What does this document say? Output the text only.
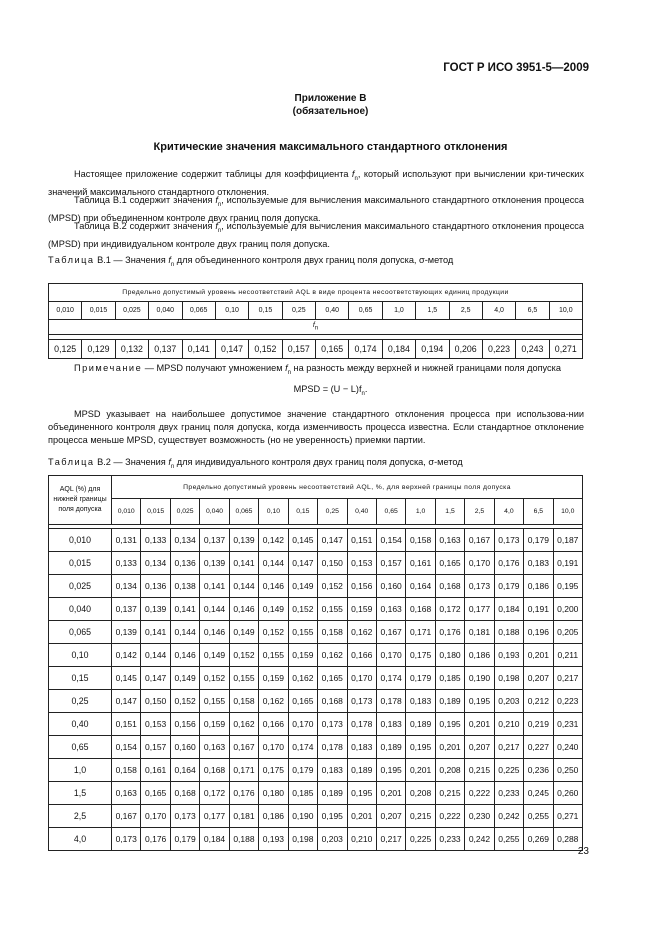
ГОСТ Р ИСО 3951-5—2009
Приложение В
(обязательное)
Критические значения максимального стандартного отклонения
Настоящее приложение содержит таблицы для коэффициента $f_n$, который используют при вычислении кри-тических значений максимального стандартного отклонения.
Таблица В.1 содержит значения $f_n$, используемые для вычисления максимального стандартного отклонения процесса (MPSD) при объединенном контроле двух границ поля допуска.
Таблица В.2 содержит значения $f_n$, используемые для вычисления максимального стандартного отклонения процесса (MPSD) при индивидуальном контроле двух границ поля допуска.
Таблица В.1 — Значения $f_n$ для объединенного контроля двух границ поля допуска, σ-метод
Предельно допустимый уровень несоответствий AQL в виде процента несоответствующих единиц продукции															
0,010	0,015	0,025	0,040	0,065	0,10	0,15	0,25	0,40	0,65	1,0	1,5	2,5	4,0	6,5	10,0
fn															

0,125	0,129	0,132	0,137	0,141	0,147	0,152	0,157	0,165	0,174	0,184	0,194	0,206	0,223	0,243	0,271
Примечание — MPSD получают умножением $f_n$ на разность между верхней и нижней границами поля допуска
MPSD = $(U - L)f_n$.
MPSD указывает на наибольшее допустимое значение стандартного отклонения процесса при использова-нии объединенного контроля двух границ поля допуска, когда изменчивость процесса известна. Если стандартное отклонение процесса меньше MPSD, существует возможность (но не уверенность) приемки партии.
Таблица В.2 — Значения $f_n$ для индивидуального контроля двух границ поля допуска, σ-метод
AQL (%) для нижней границы поля допуска	Предельно допустимый уровень несоответствий AQL, %, для верхней границы поля допуска															
	0,010	0,015	0,025	0,040	0,065	0,10	0,15	0,25	0,40	0,65	1,0	1,5	2,5	4,0	6,5	10,0

0,010	0,131	0,133	0,134	0,137	0,139	0,142	0,145	0,147	0,151	0,154	0,158	0,163	0,167	0,173	0,179	0,187
0,015	0,133	0,134	0,136	0,139	0,141	0,144	0,147	0,150	0,153	0,157	0,161	0,165	0,170	0,176	0,183	0,191
0,025	0,134	0,136	0,138	0,141	0,144	0,146	0,149	0,152	0,156	0,160	0,164	0,168	0,173	0,179	0,186	0,195
0,040	0,137	0,139	0,141	0,144	0,146	0,149	0,152	0,155	0,159	0,163	0,168	0,172	0,177	0,184	0,191	0,200
0,065	0,139	0,141	0,144	0,146	0,149	0,152	0,155	0,158	0,162	0,167	0,171	0,176	0,181	0,188	0,196	0,205
0,10	0,142	0,144	0,146	0,149	0,152	0,155	0,159	0,162	0,166	0,170	0,175	0,180	0,186	0,193	0,201	0,211
0,15	0,145	0,147	0,149	0,152	0,155	0,159	0,162	0,165	0,170	0,174	0,179	0,185	0,190	0,198	0,207	0,217
0,25	0,147	0,150	0,152	0,155	0,158	0,162	0,165	0,168	0,173	0,178	0,183	0,189	0,195	0,203	0,212	0,223
0,40	0,151	0,153	0,156	0,159	0,162	0,166	0,170	0,173	0,178	0,183	0,189	0,195	0,201	0,210	0,219	0,231
0,65	0,154	0,157	0,160	0,163	0,167	0,170	0,174	0,178	0,183	0,189	0,195	0,201	0,207	0,217	0,227	0,240
1,0	0,158	0,161	0,164	0,168	0,171	0,175	0,179	0,183	0,189	0,195	0,201	0,208	0,215	0,225	0,236	0,250
1,5	0,163	0,165	0,168	0,172	0,176	0,180	0,185	0,189	0,195	0,201	0,208	0,215	0,222	0,233	0,245	0,260
2,5	0,167	0,170	0,173	0,177	0,181	0,186	0,190	0,195	0,201	0,207	0,215	0,222	0,230	0,242	0,255	0,271
4,0	0,173	0,176	0,179	0,184	0,188	0,193	0,198	0,203	0,210	0,217	0,225	0,233	0,242	0,255	0,269	0,288
23
